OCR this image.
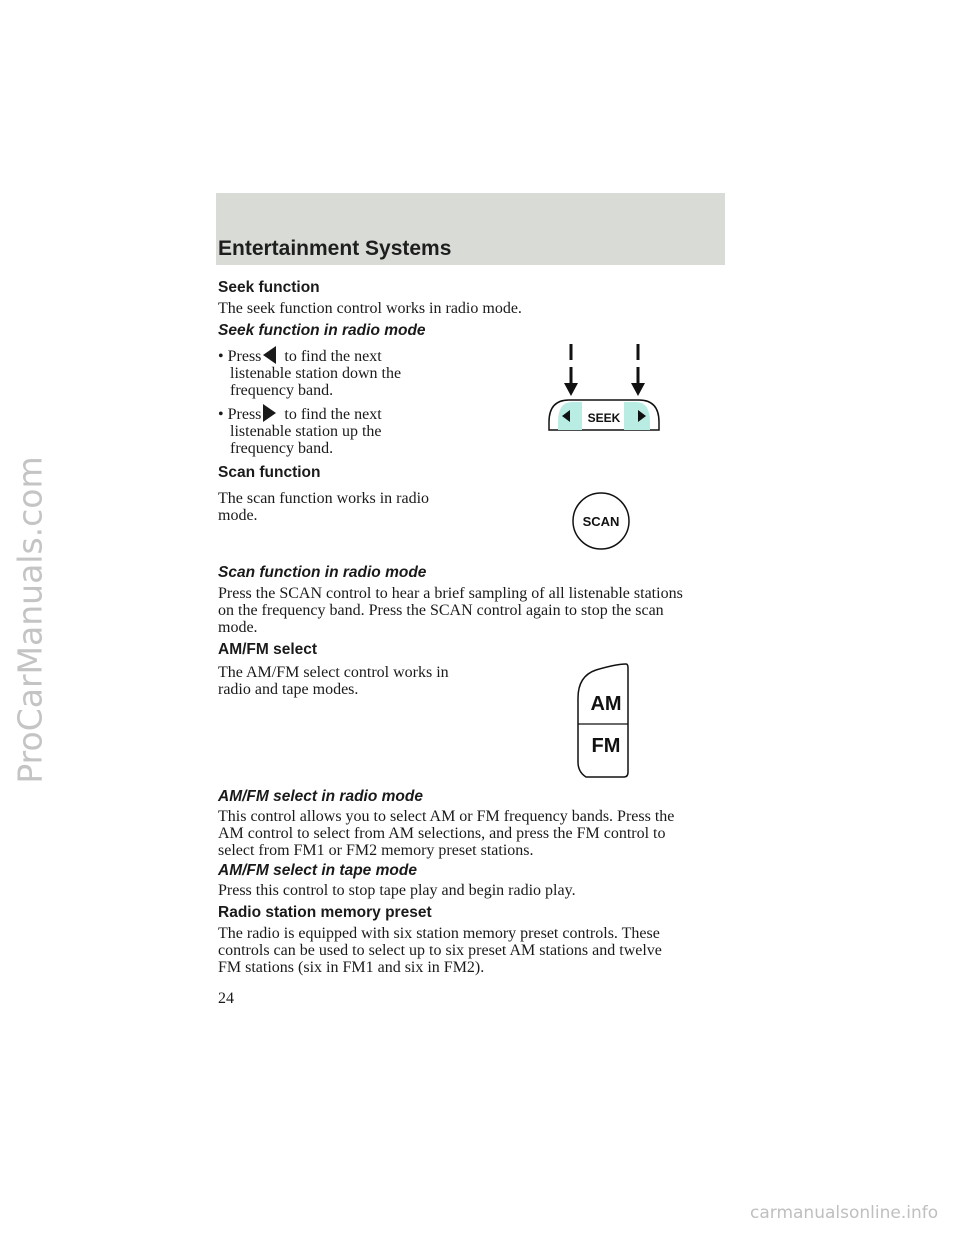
ProCarManuals.com
Entertainment Systems
Seek function

The seek function control works in radio mode.

Seek function in radio mode
• Press to find the next
listenable station down the
frequency band.
• Press to find the next
listenable station up the
frequency band.
SEEK
Scan function
The scan function works in radio
mode.	SCAN
Scan function in radio mode
Press the SCAN control to hear a brief sampling of all listenable stations
on the frequency band. Press the SCAN control again to stop the scan
mode.
AM/FM select
The AM/FM select control works in
radio and tape modes.
AM
FM
AM/FM select in radio mode
This control allows you to select AM or FM frequency bands. Press the
AM control to select from AM selections, and press the FM control to
select from FM1 or FM2 memory preset stations.
AM/FM select in tape mode

Press this control to stop tape play and begin radio play.

Radio station memory preset
The radio is equipped with six station memory preset controls. These
controls can be used to select up to six preset AM stations and twelve
FM stations (six in FM1 and six in FM2).
24
carmanualsonline.info
